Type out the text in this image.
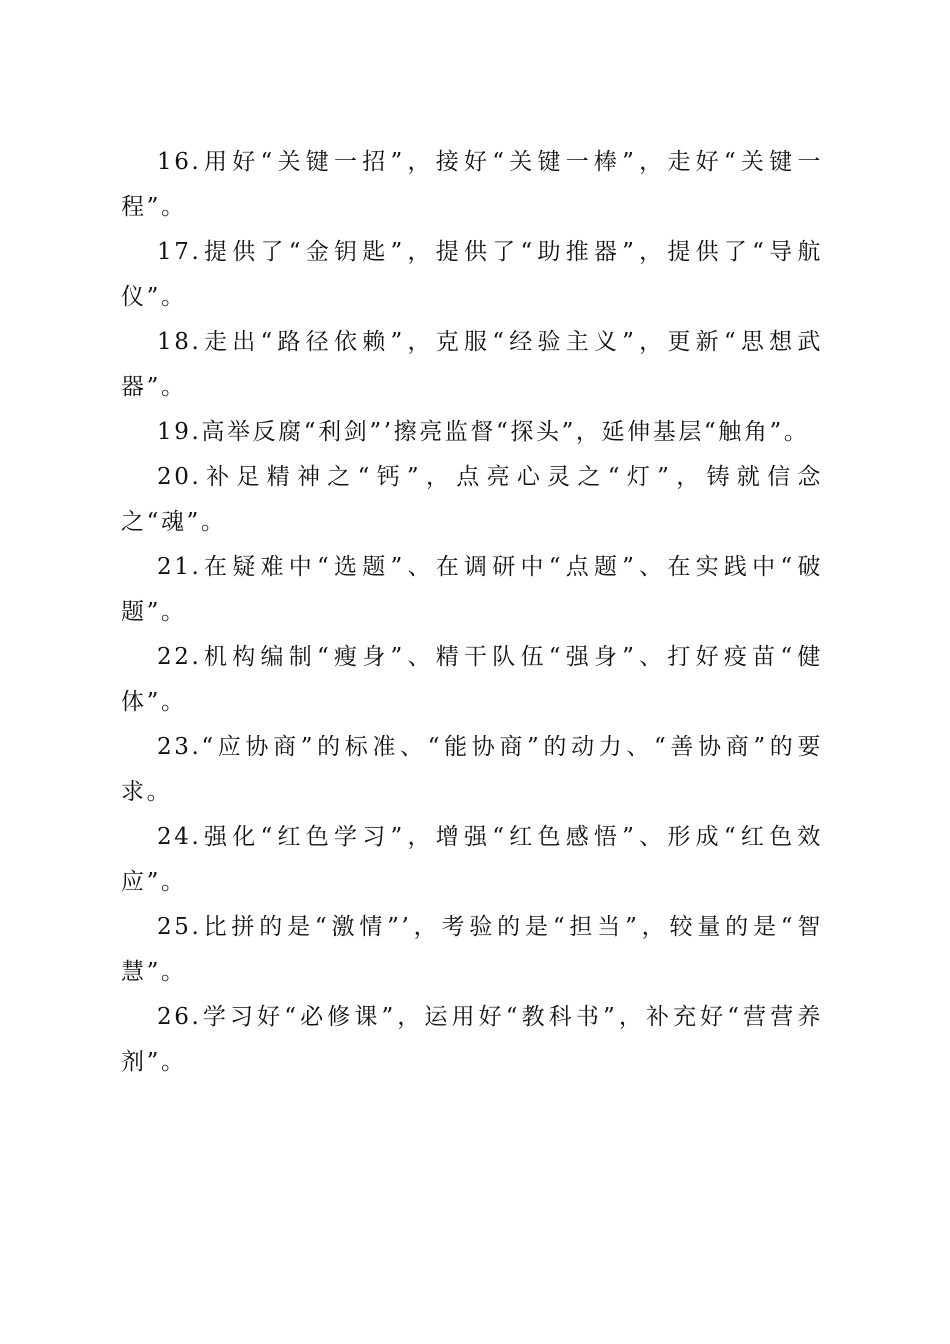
16.用好“关键一招”，接好“关键一棒”，走好“关键一程”。

17.提供了“金钥匙”，提供了“助推器”，提供了“导航仪”。

18.走出“路径依赖”，克服“经验主义”，更新“思想武器”。

19.高举反腐“利剑”’擦亮监督“探头”，延伸基层“触角”。

20.补足精神之“钙”，点亮心灵之“灯”，铸就信念之“魂”。

21.在疑难中“选题”、在调研中“点题”、在实践中“破题”。

22.机构编制“瘦身”、精干队伍“强身”、打好疫苗“健体”。

23.“应协商”的标准、“能协商”的动力、“善协商”的要求。

24.强化“红色学习”，增强“红色感悟”、形成“红色效应”。

25.比拼的是“激情”’，考验的是“担当”，较量的是“智慧”。

26.学习好“必修课”，运用好“教科书”，补充好“营营养剂”。
